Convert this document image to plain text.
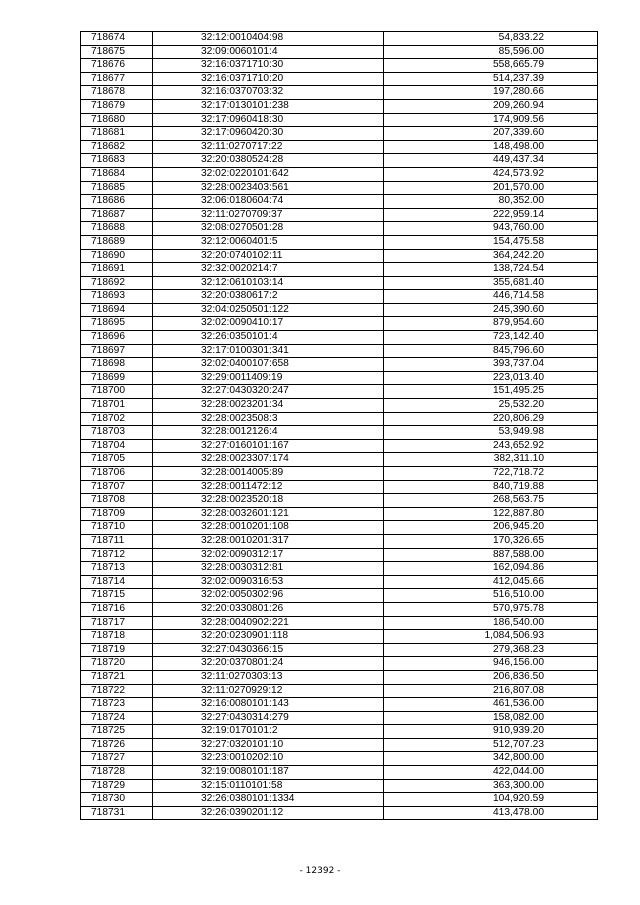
718674	32:12:0010404:98	54,833.22
718675	32:09:0060101:4	85,596.00
718676	32:16:0371710:30	558,665.79
718677	32:16:0371710:20	514,237.39
718678	32:16:0370703:32	197,280.66
718679	32:17:0130101:238	209,260.94
718680	32:17:0960418:30	174,909.56
718681	32:17:0960420:30	207,339.60
718682	32:11:0270717:22	148,498.00
718683	32:20:0380524:28	449,437.34
718684	32:02:0220101:642	424,573.92
718685	32:28:0023403:561	201,570.00
718686	32:06:0180604:74	80,352.00
718687	32:11:0270709:37	222,959.14
718688	32:08:0270501:28	943,760.00
718689	32:12:0060401:5	154,475.58
718690	32:20:0740102:11	364,242.20
718691	32:32:0020214:7	138,724.54
718692	32:12:0610103:14	355,681.40
718693	32:20:0380617:2	446,714.58
718694	32:04:0250501:122	245,390.60
718695	32:02:0090410:17	879,954.60
718696	32:26:0350101:4	723,142.40
718697	32:17:0100301:341	845,796.60
718698	32:02:0400107:658	393,737.04
718699	32:29:0011409:19	223,013.40
718700	32:27:0430320:247	151,495.25
718701	32:28:0023201:34	25,532.20
718702	32:28:0023508:3	220,806.29
718703	32:28:0012126:4	53,949.98
718704	32:27:0160101:167	243,652.92
718705	32:28:0023307:174	382,311.10
718706	32:28:0014005:89	722,718.72
718707	32:28:0011472:12	840,719.88
718708	32:28:0023520:18	268,563.75
718709	32:28:0032601:121	122,887.80
718710	32:28:0010201:108	206,945.20
718711	32:28:0010201:317	170,326.65
718712	32:02:0090312:17	887,588.00
718713	32:28:0030312:81	162,094.86
718714	32:02:0090316:53	412,045.66
718715	32:02:0050302:96	516,510.00
718716	32:20:0330801:26	570,975.78
718717	32:28:0040902:221	186,540.00
718718	32:20:0230901:118	1,084,506.93
718719	32:27:0430366:15	279,368.23
718720	32:20:0370801:24	946,156.00
718721	32:11:0270303:13	206,836.50
718722	32:11:0270929:12	216,807.08
718723	32:16:0080101:143	461,536.00
718724	32:27:0430314:279	158,082.00
718725	32:19:0170101:2	910,939.20
718726	32:27:0320101:10	512,707.23
718727	32:23:0010202:10	342,800.00
718728	32:19:0080101:187	422,044.00
718729	32:15:0110101:58	363,300.00
718730	32:26:0380101:1334	104,920.59
718731	32:26:0390201:12	413,478.00
- 12392 -
